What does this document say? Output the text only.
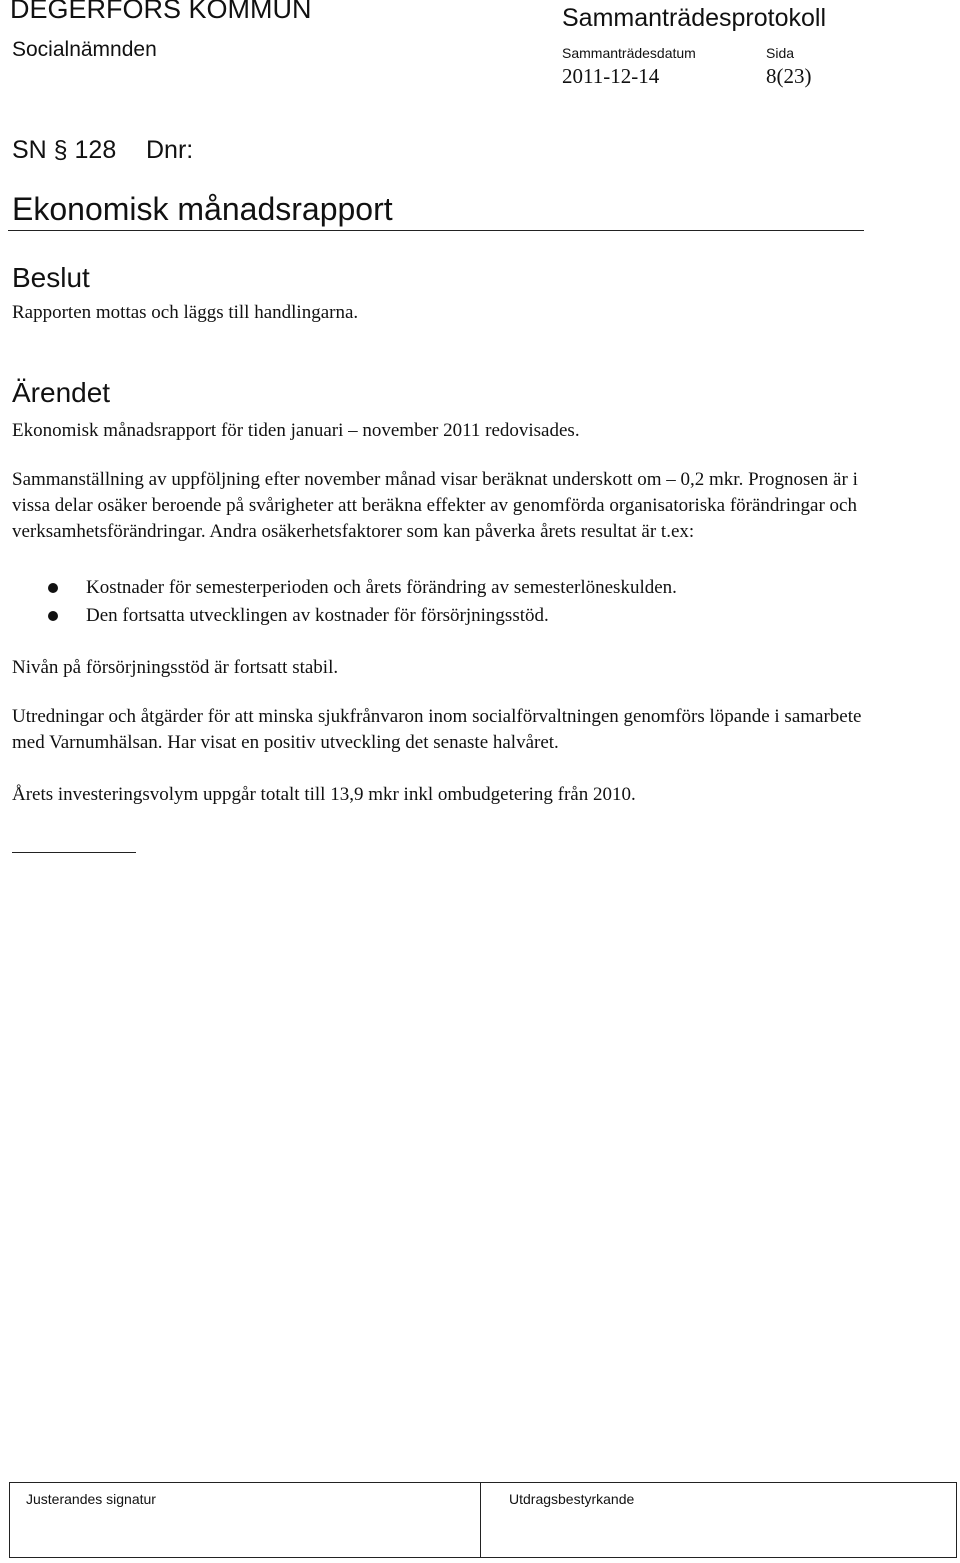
DEGERFORS KOMMUN
Socialnämnden
Sammanträdesprotokoll
Sammanträdesdatum	Sida
2011-12-14	8(23)
SN § 128 Dnr:
Ekonomisk månadsrapport
Beslut
Rapporten mottas och läggs till handlingarna.
Ärendet
Ekonomisk månadsrapport för tiden januari – november 2011 redovisades.
Sammanställning av uppföljning efter november månad visar beräknat underskott om – 0,2 mkr. Prognosen är i vissa delar osäker beroende på svårigheter att beräkna effekter av genomförda organisatoriska förändringar och verksamhetsförändringar. Andra osäkerhetsfaktorer som kan påverka årets resultat är t.ex:
Kostnader för semesterperioden och årets förändring av semesterlöneskulden.
Den fortsatta utvecklingen av kostnader för försörjningsstöd.
Nivån på försörjningsstöd är fortsatt stabil.
Utredningar och åtgärder för att minska sjukfrånvaron inom socialförvaltningen genomförs löpande i samarbete med Varnumhälsan. Har visat en positiv utveckling det senaste halvåret.
Årets investeringsvolym uppgår totalt till 13,9 mkr inkl ombudgetering från 2010.
Justerandes signatur	Utdragsbestyrkande
